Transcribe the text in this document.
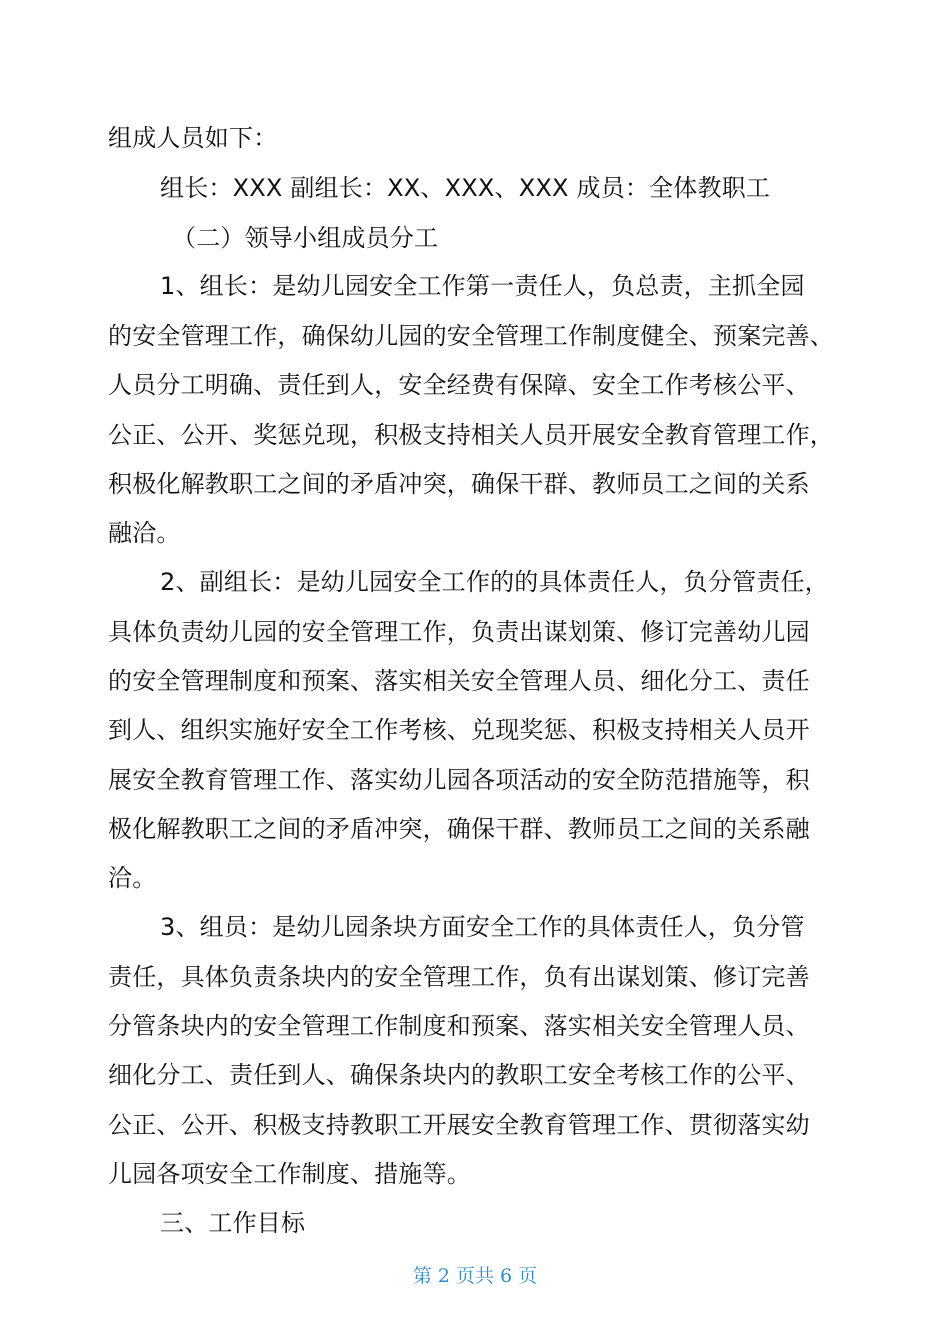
组成人员如下：
组长：XXX 副组长：XX、XXX、XXX 成员：全体教职工
（二）领导小组成员分工
1、组长：是幼儿园安全工作第一责任人，负总责，主抓全园
的安全管理工作，确保幼儿园的安全管理工作制度健全、预案完善、
人员分工明确、责任到人，安全经费有保障、安全工作考核公平、
公正、公开、奖惩兑现，积极支持相关人员开展安全教育管理工作，
积极化解教职工之间的矛盾冲突，确保干群、教师员工之间的关系
融洽。
2、副组长：是幼儿园安全工作的的具体责任人，负分管责任，
具体负责幼儿园的安全管理工作，负责出谋划策、修订完善幼儿园
的安全管理制度和预案、落实相关安全管理人员、细化分工、责任
到人、组织实施好安全工作考核、兑现奖惩、积极支持相关人员开
展安全教育管理工作、落实幼儿园各项活动的安全防范措施等，积
极化解教职工之间的矛盾冲突，确保干群、教师员工之间的关系融
洽。
3、组员：是幼儿园条块方面安全工作的具体责任人，负分管
责任，具体负责条块内的安全管理工作，负有出谋划策、修订完善
分管条块内的安全管理工作制度和预案、落实相关安全管理人员、
细化分工、责任到人、确保条块内的教职工安全考核工作的公平、
公正、公开、积极支持教职工开展安全教育管理工作、贯彻落实幼
儿园各项安全工作制度、措施等。
三、工作目标
第 2 页共 6 页
